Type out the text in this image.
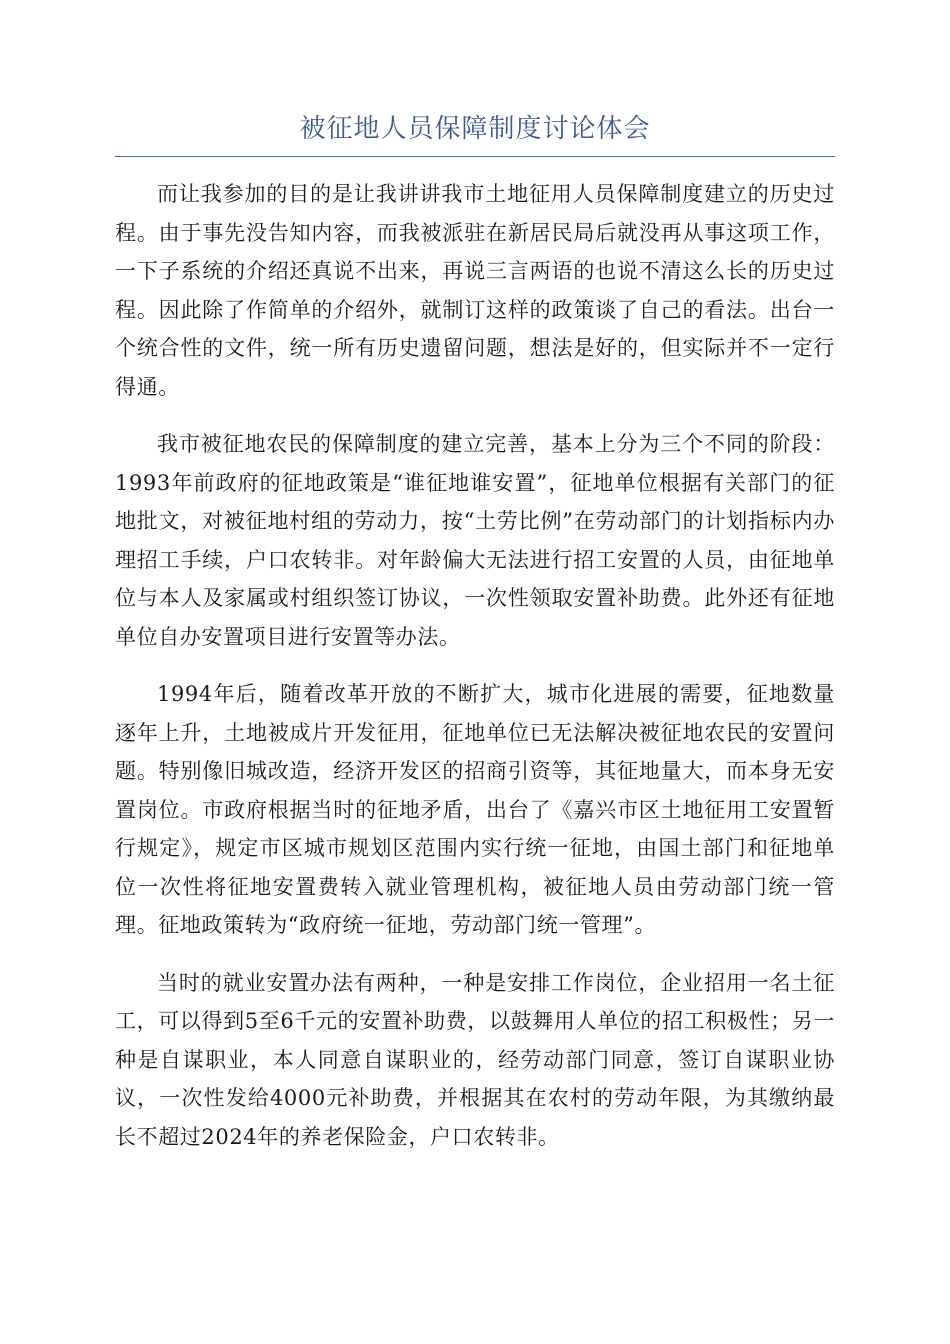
被征地人员保障制度讨论体会

而让我参加的目的是让我讲讲我市土地征用人员保障制度建立的历史过程。由于事先没告知内容，而我被派驻在新居民局后就没再从事这项工作，一下子系统的介绍还真说不出来，再说三言两语的也说不清这么长的历史过程。因此除了作简单的介绍外，就制订这样的政策谈了自己的看法。出台一个统合性的文件，统一所有历史遗留问题，想法是好的，但实际并不一定行得通。

我市被征地农民的保障制度的建立完善，基本上分为三个不同的阶段：1993年前政府的征地政策是“谁征地谁安置”，征地单位根据有关部门的征地批文，对被征地村组的劳动力，按“土劳比例”在劳动部门的计划指标内办理招工手续，户口农转非。对年龄偏大无法进行招工安置的人员，由征地单位与本人及家属或村组织签订协议，一次性领取安置补助费。此外还有征地单位自办安置项目进行安置等办法。

1994年后，随着改革开放的不断扩大，城市化进展的需要，征地数量逐年上升，土地被成片开发征用，征地单位已无法解决被征地农民的安置问题。特别像旧城改造，经济开发区的招商引资等，其征地量大，而本身无安置岗位。市政府根据当时的征地矛盾，出台了《嘉兴市区土地征用工安置暂行规定》，规定市区城市规划区范围内实行统一征地，由国土部门和征地单位一次性将征地安置费转入就业管理机构，被征地人员由劳动部门统一管理。征地政策转为“政府统一征地，劳动部门统一管理”。

当时的就业安置办法有两种，一种是安排工作岗位，企业招用一名土征工，可以得到5至6千元的安置补助费，以鼓舞用人单位的招工积极性；另一种是自谋职业，本人同意自谋职业的，经劳动部门同意，签订自谋职业协议，一次性发给4000元补助费，并根据其在农村的劳动年限，为其缴纳最长不超过2024年的养老保险金，户口农转非。
